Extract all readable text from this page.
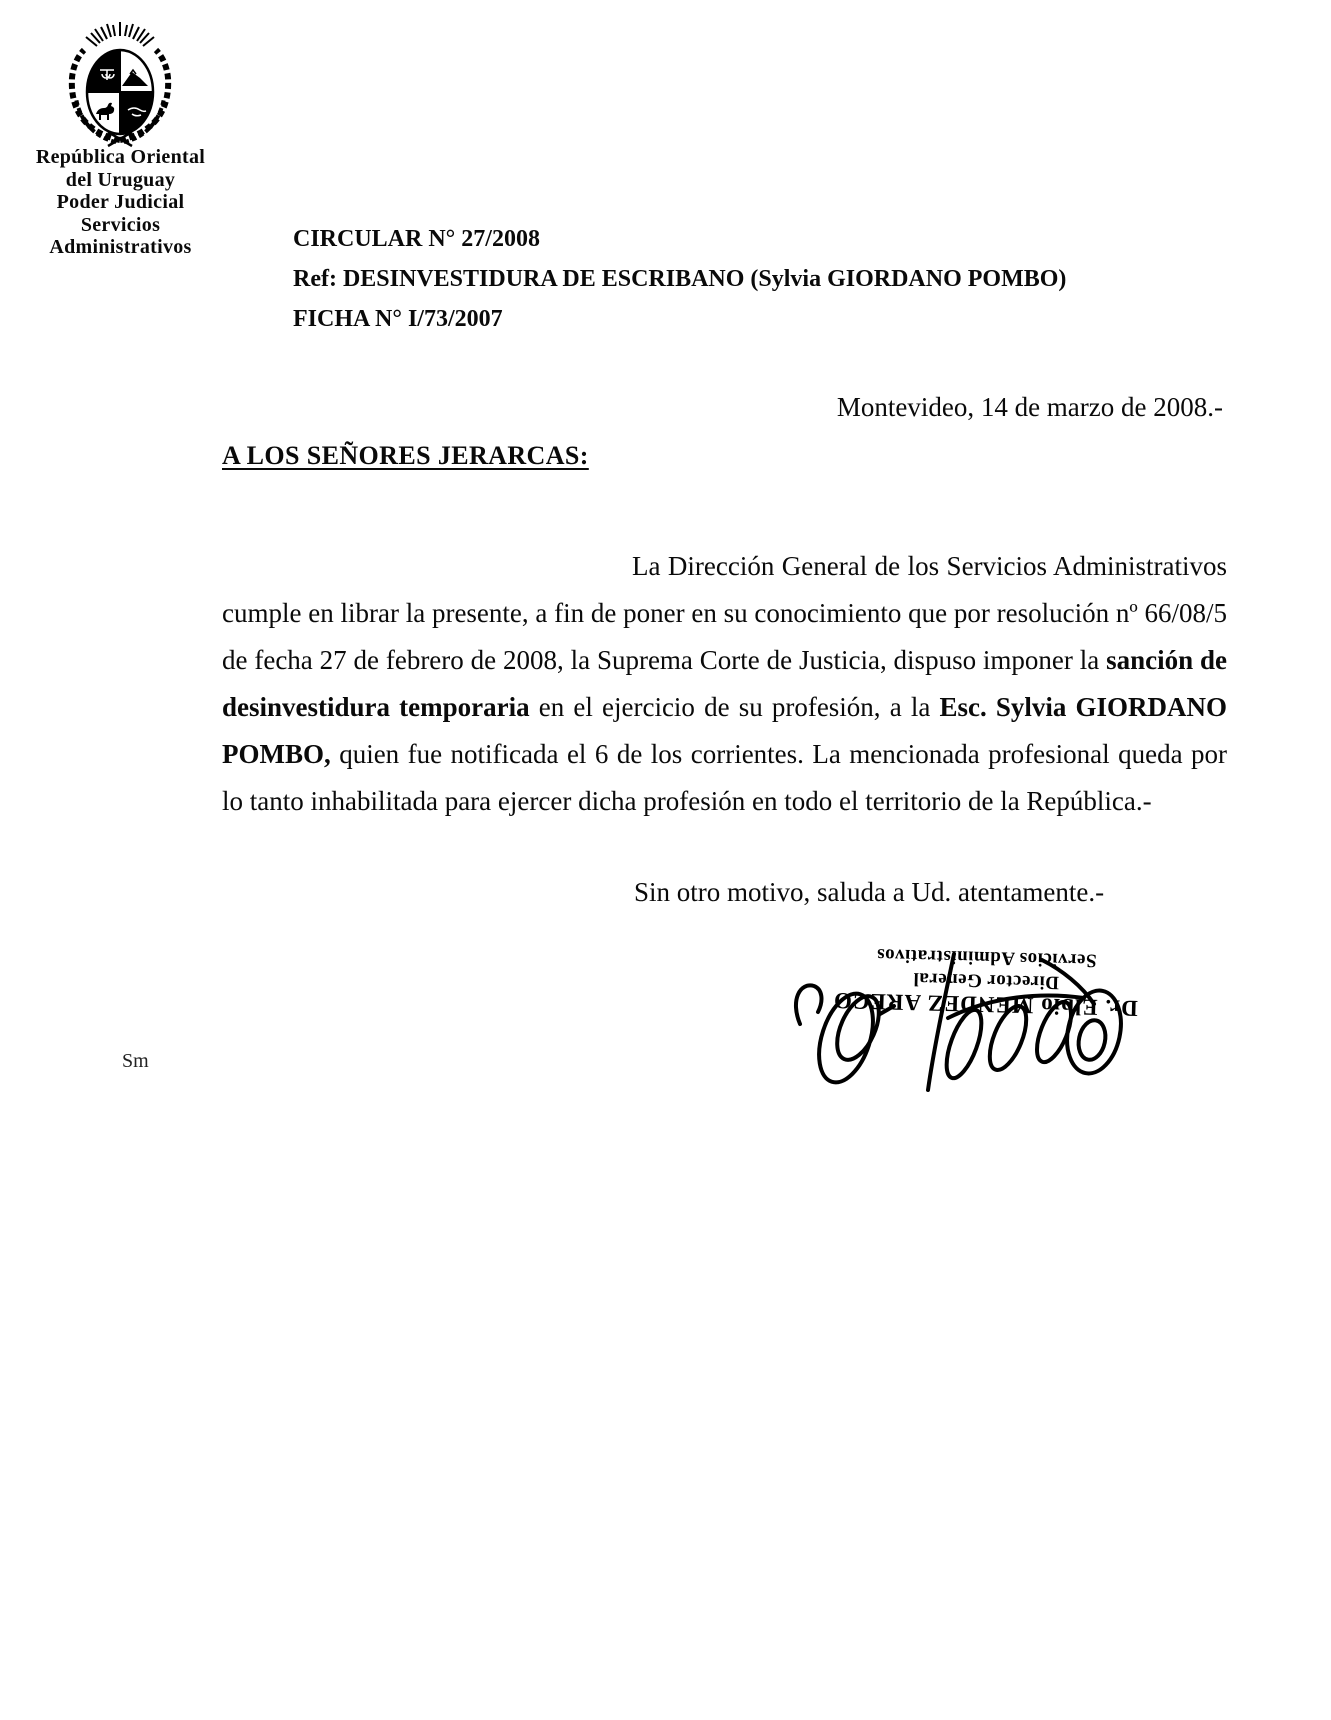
República Oriental
del Uruguay
Poder Judicial
Servicios
Administrativos	CIRCULAR N° 27/2008
Ref: DESINVESTIDURA DE ESCRIBANO (Sylvia GIORDANO POMBO)
FICHA N° I/73/2007
Montevideo, 14 de marzo de 2008.-
A LOS SEÑORES JERARCAS:
La Dirección General de los Servicios Administrativos cumple en librar la presente, a fin de poner en su conocimiento que por resolución nº 66/08/5 de fecha 27 de febrero de 2008, la Suprema Corte de Justicia, dispuso imponer la sanción de desinvestidura temporaria en el ejercicio de su profesión, a la Esc. Sylvia GIORDANO POMBO, quien fue notificada el 6 de los corrientes. La mencionada profesional queda por lo tanto inhabilitada para ejercer dicha profesión en todo el territorio de la República.-
Sin otro motivo, saluda a Ud. atentamente.-
Dr. Elbio MENDEZ ARECO
Director General
Servicios Administrativos
Sm
